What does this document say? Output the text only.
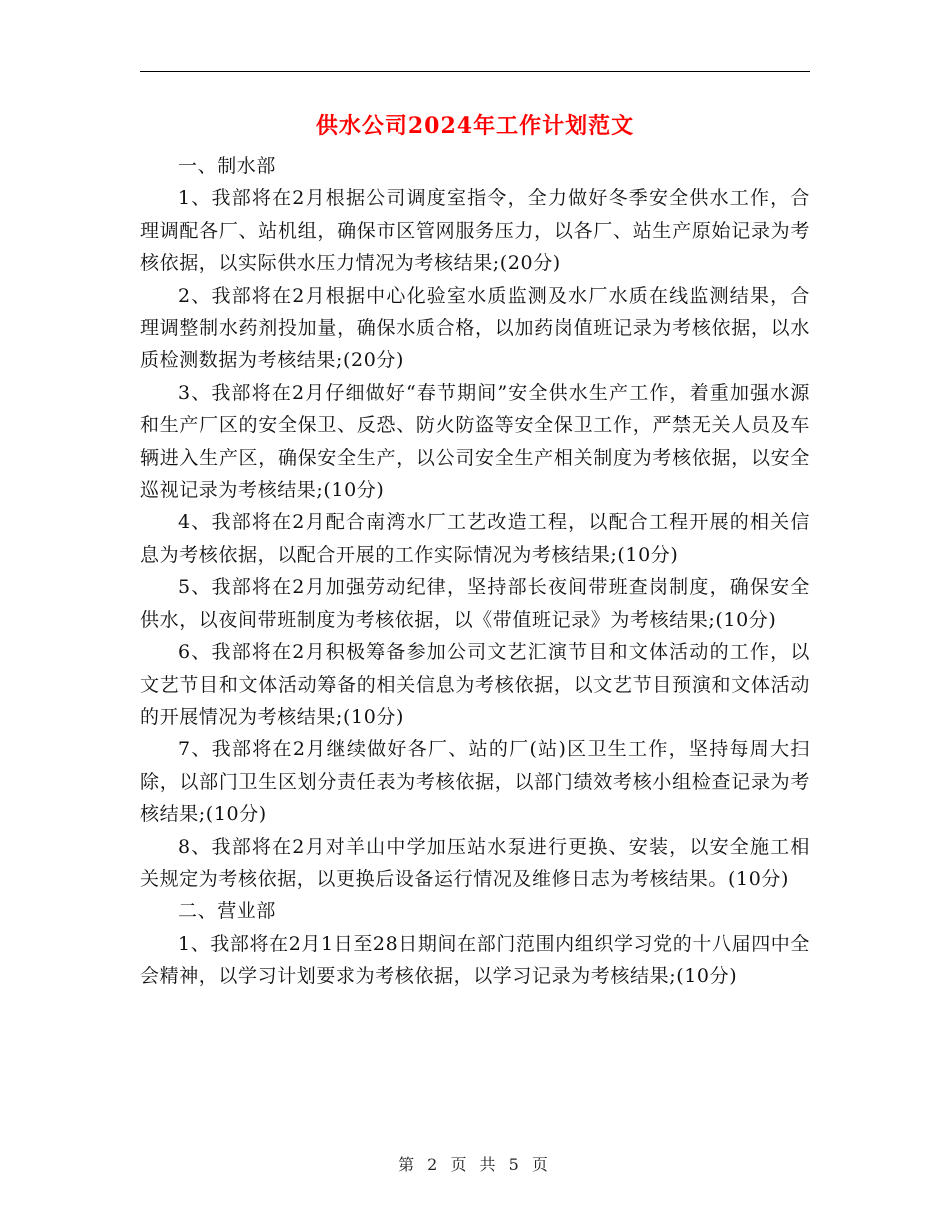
供水公司2024年工作计划范文

一、制水部

1、我部将在2月根据公司调度室指令，全力做好冬季安全供水工作，合理调配各厂、站机组，确保市区管网服务压力，以各厂、站生产原始记录为考核依据，以实际供水压力情况为考核结果;(20分)

2、我部将在2月根据中心化验室水质监测及水厂水质在线监测结果，合理调整制水药剂投加量，确保水质合格，以加药岗值班记录为考核依据，以水质检测数据为考核结果;(20分)

3、我部将在2月仔细做好“春节期间”安全供水生产工作，着重加强水源和生产厂区的安全保卫、反恐、防火防盗等安全保卫工作，严禁无关人员及车辆进入生产区，确保安全生产，以公司安全生产相关制度为考核依据，以安全巡视记录为考核结果;(10分)

4、我部将在2月配合南湾水厂工艺改造工程，以配合工程开展的相关信息为考核依据，以配合开展的工作实际情况为考核结果;(10分)

5、我部将在2月加强劳动纪律，坚持部长夜间带班查岗制度，确保安全供水，以夜间带班制度为考核依据，以《带值班记录》为考核结果;(10分)

6、我部将在2月积极筹备参加公司文艺汇演节目和文体活动的工作，以文艺节目和文体活动筹备的相关信息为考核依据，以文艺节目预演和文体活动的开展情况为考核结果;(10分)

7、我部将在2月继续做好各厂、站的厂(站)区卫生工作，坚持每周大扫除，以部门卫生区划分责任表为考核依据，以部门绩效考核小组检查记录为考核结果;(10分)

8、我部将在2月对羊山中学加压站水泵进行更换、安装，以安全施工相关规定为考核依据，以更换后设备运行情况及维修日志为考核结果。(10分)

二、营业部

1、我部将在2月1日至28日期间在部门范围内组织学习党的十八届四中全会精神，以学习计划要求为考核依据，以学习记录为考核结果;(10分)

第 2 页 共 5 页
